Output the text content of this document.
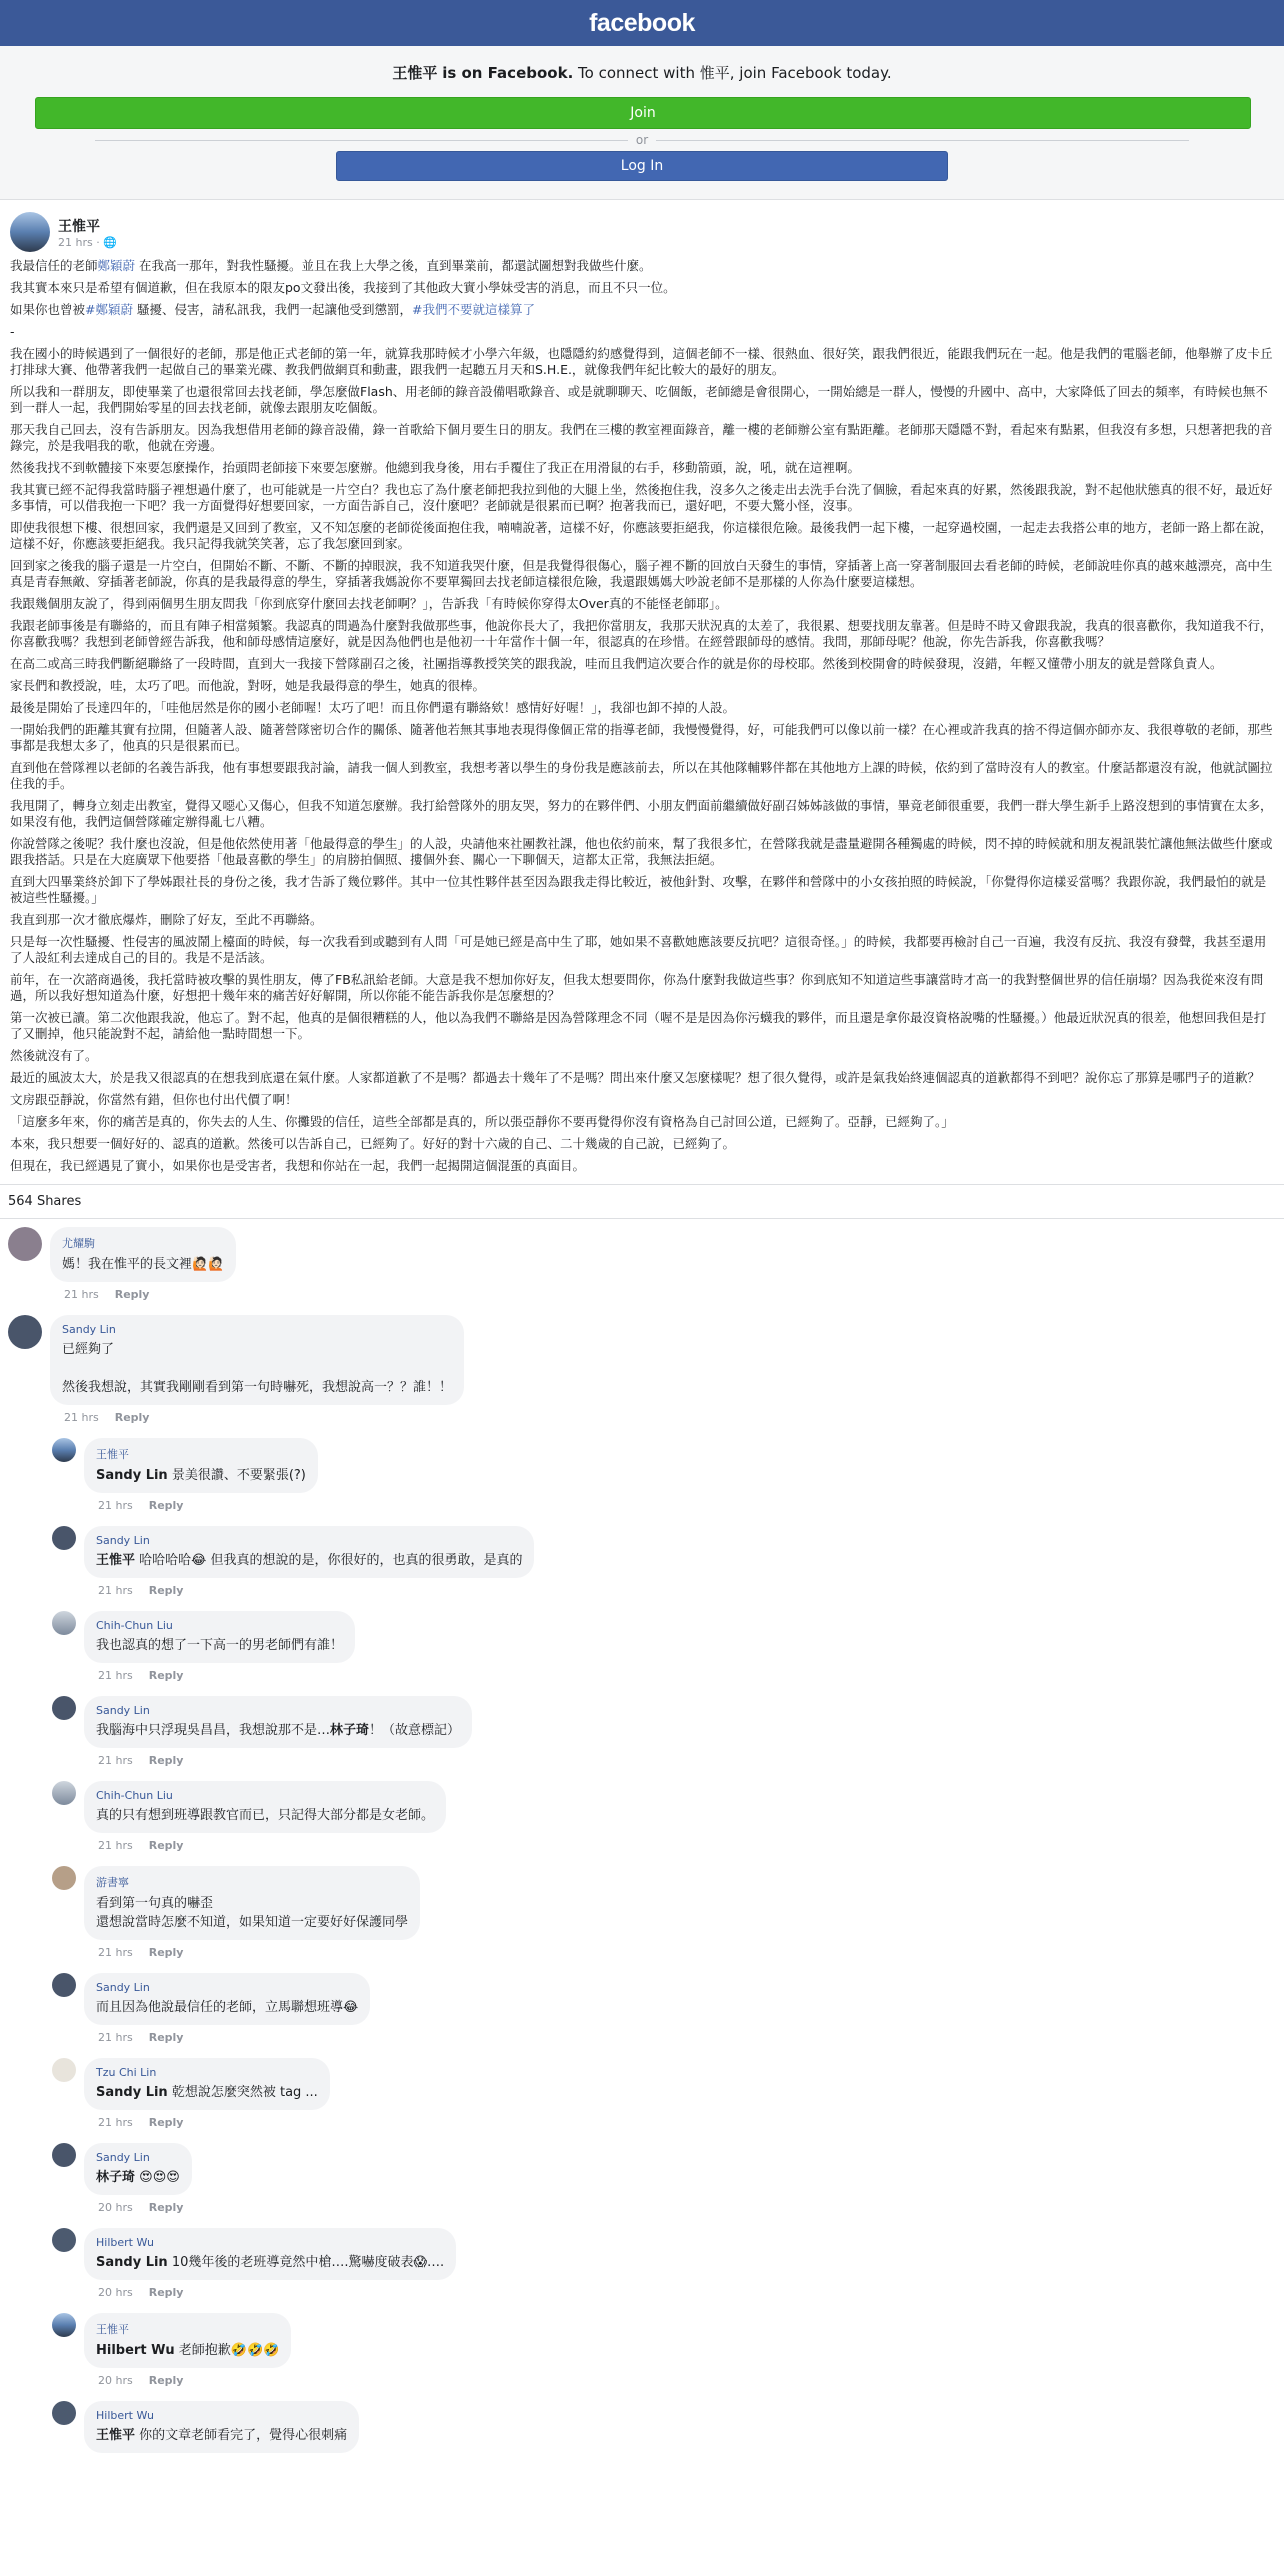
facebook
王惟平 is on Facebook. To connect with 惟平, join Facebook today.
Join
or
Log In
王惟平
21 hrs · 🌐

我最信任的老師鄭穎蔚 在我高一那年，對我性騷擾。並且在我上大學之後，直到畢業前，都還試圖想對我做些什麼。

我其實本來只是希望有個道歉，但在我原本的限友po文發出後，我接到了其他政大實小學妹受害的消息，而且不只一位。

如果你也曾被#鄭穎蔚 騷擾、侵害，請私訊我，我們一起讓他受到懲罰，#我們不要就這樣算了

-

我在國小的時候遇到了一個很好的老師，那是他正式老師的第一年，就算我那時候才小學六年級，也隱隱約約感覺得到，這個老師不一樣、很熱血、很好笑，跟我們很近，能跟我們玩在一起。他是我們的電腦老師，他舉辦了皮卡丘打排球大賽、他帶著我們一起做自己的畢業光碟、教我們做網頁和動畫，跟我們一起聽五月天和S.H.E.，就像我們年紀比較大的最好的朋友。

所以我和一群朋友，即使畢業了也還很常回去找老師，學怎麼做Flash、用老師的錄音設備唱歌錄音、或是就聊聊天、吃個飯，老師總是會很開心，一開始總是一群人，慢慢的升國中、高中，大家降低了回去的頻率，有時候也無不到一群人一起，我們開始零星的回去找老師，就像去跟朋友吃個飯。

那天我自己回去，沒有告訴朋友。因為我想借用老師的錄音設備，錄一首歌給下個月要生日的朋友。我們在三樓的教室裡面錄音，離一樓的老師辦公室有點距離。老師那天隱隱不對，看起來有點累，但我沒有多想，只想著把我的音錄完，於是我唱我的歌，他就在旁邊。

然後我找不到軟體接下來要怎麼操作，抬頭問老師接下來要怎麼辦。他總到我身後，用右手覆住了我正在用滑鼠的右手，移動箭頭，說，吼，就在這裡啊。

我其實已經不記得我當時腦子裡想過什麼了，也可能就是一片空白？我也忘了為什麼老師把我拉到他的大腿上坐，然後抱住我，沒多久之後走出去洗手台洗了個臉，看起來真的好累，然後跟我說，對不起他狀態真的很不好，最近好多事情，可以借我抱一下吧？我一方面覺得好想要回家，一方面告訴自己，沒什麼吧？老師就是很累而已啊？抱著我而已，還好吧，不要大驚小怪，沒事。

即使我很想下樓、很想回家，我們還是又回到了教室，又不知怎麼的老師從後面抱住我，喃喃說著，這樣不好，你應該要拒絕我，你這樣很危險。最後我們一起下樓，一起穿過校園，一起走去我搭公車的地方，老師一路上都在說，這樣不好，你應該要拒絕我。我只記得我就笑笑著，忘了我怎麼回到家。

回到家之後我的腦子還是一片空白，但開始不斷、不斷、不斷的掉眼淚，我不知道我哭什麼，但是我覺得很傷心，腦子裡不斷的回放白天發生的事情，穿插著上高一穿著制服回去看老師的時候，老師說哇你真的越來越漂亮，高中生真是青春無敵、穿插著老師說，你真的是我最得意的學生，穿插著我媽說你不要單獨回去找老師這樣很危險，我還跟媽媽大吵說老師不是那樣的人你為什麼要這樣想。

我跟幾個朋友說了，得到兩個男生朋友問我「你到底穿什麼回去找老師啊？」，告訴我「有時候你穿得太Over真的不能怪老師耶」。

我跟老師事後是有聯絡的，而且有陣子相當頻繁。我認真的問過為什麼對我做那些事，他說你長大了，我把你當朋友，我那天狀況真的太差了，我很累、想要找朋友靠著。但是時不時又會跟我說，我真的很喜歡你，我知道我不行，你喜歡我嗎？我想到老師曾經告訴我，他和師母感情這麼好，就是因為他們也是他初一十年當作十個一年，很認真的在珍惜。在經營跟師母的感情。我問，那師母呢？他說，你先告訴我，你喜歡我嗎？

在高二或高三時我們斷絕聯絡了一段時間，直到大一我接下營隊副召之後，社團指導教授笑笑的跟我說，哇而且我們這次要合作的就是你的母校耶。然後到校開會的時候發現，沒錯，年輕又懂帶小朋友的就是營隊負責人。

家長們和教授說，哇，太巧了吧。而他說，對呀，她是我最得意的學生，她真的很棒。

最後是開始了長達四年的，「哇他居然是你的國小老師喔！太巧了吧！而且你們還有聯絡欸！感情好好喔！」，我卻也卸不掉的人設。

一開始我們的距離其實有拉開，但隨著人設、隨著營隊密切合作的關係、隨著他若無其事地表現得像個正常的指導老師，我慢慢覺得，好，可能我們可以像以前一樣？在心裡或許我真的捨不得這個亦師亦友、我很尊敬的老師，那些事都是我想太多了，他真的只是很累而已。

直到他在營隊裡以老師的名義告訴我，他有事想要跟我討論，請我一個人到教室，我想考著以學生的身份我是應該前去，所以在其他隊輔夥伴都在其他地方上課的時候，依約到了當時沒有人的教室。什麼話都還沒有說，他就試圖拉住我的手。

我甩開了，轉身立刻走出教室，覺得又噁心又傷心，但我不知道怎麼辦。我打給營隊外的朋友哭，努力的在夥伴們、小朋友們面前繼續做好副召姊姊該做的事情，畢竟老師很重要，我們一群大學生新手上路沒想到的事情實在太多，如果沒有他，我們這個營隊確定辦得亂七八糟。

你說營隊之後呢？我什麼也沒說，但是他依然使用著「他最得意的學生」的人設，央請他來社團教社課，他也依約前來，幫了我很多忙，在營隊我就是盡量避開各種獨處的時候，閃不掉的時候就和朋友視訊裝忙讓他無法做些什麼或跟我搭話。只是在大庭廣眾下他要搭「他最喜歡的學生」的肩膀拍個照、摟個外套、關心一下聊個天，這都太正常，我無法拒絕。

直到大四畢業終於卸下了學姊跟社長的身份之後，我才告訴了幾位夥伴。其中一位其性夥伴甚至因為跟我走得比較近，被他針對、攻擊，在夥伴和營隊中的小女孩拍照的時候說，「你覺得你這樣妥當嗎？我跟你說，我們最怕的就是被這些性騷擾。」

我直到那一次才徹底爆炸，刪除了好友，至此不再聯絡。

只是每一次性騷擾、性侵害的風波鬧上檯面的時候，每一次我看到或聽到有人問「可是她已經是高中生了耶，她如果不喜歡她應該要反抗吧？這很奇怪。」的時候，我都要再檢討自己一百遍，我沒有反抗、我沒有發聲，我甚至還用了人設紅利去達成自己的目的。我是不是活該。

前年，在一次諮商過後，我托當時被攻擊的異性朋友，傳了FB私訊給老師。大意是我不想加你好友，但我太想要問你，你為什麼對我做這些事？你到底知不知道這些事讓當時才高一的我對整個世界的信任崩塌？因為我從來沒有問過，所以我好想知道為什麼，好想把十幾年來的痛苦好好解開，所以你能不能告訴我你是怎麼想的？

第一次被已讀。第二次他跟我說，他忘了。對不起，他真的是個很糟糕的人，他以為我們不聯絡是因為營隊理念不同（喔不是是因為你污蠛我的夥伴，而且還是拿你最沒資格說嘴的性騷擾。）他最近狀況真的很差，他想回我但是打了又刪掉，他只能說對不起，請給他一點時間想一下。

然後就沒有了。

最近的風波太大，於是我又很認真的在想我到底還在氣什麼。人家都道歉了不是嗎？都過去十幾年了不是嗎？問出來什麼又怎麼樣呢？想了很久覺得，或許是氣我始終連個認真的道歉都得不到吧？說你忘了那算是哪門子的道歉？

文房跟亞靜說，你當然有錯，但你也付出代價了啊！

「這麼多年來，你的痛苦是真的，你失去的人生、你攤毀的信任，這些全部都是真的，所以張亞靜你不要再覺得你沒有資格為自己討回公道，已經夠了。亞靜，已經夠了。」

本來，我只想要一個好好的、認真的道歉。然後可以告訴自己，已經夠了。好好的對十六歲的自己、二十幾歲的自己說，已經夠了。

但現在，我已經遇見了實小，如果你也是受害者，我想和你站在一起，我們一起揭開這個混蛋的真面目。

564 Shares
尤耀駒
媽！我在惟平的長文裡🙋🏻🙋🏻
21 hrs Reply
Sandy Lin
已經夠了

然後我想說，其實我剛剛看到第一句時嚇死，我想說高一？？誰！！
21 hrs Reply
王惟平
Sandy Lin 景美很讚、不要緊張(?)
21 hrs Reply
Sandy Lin
王惟平 哈哈哈哈😂 但我真的想說的是，你很好的，也真的很勇敢，是真的
21 hrs Reply
Chih-Chun Liu
我也認真的想了一下高一的男老師們有誰！
21 hrs Reply
Sandy Lin
我腦海中只浮現吳昌昌，我想說那不是…林子琦！（故意標記）
21 hrs Reply
Chih-Chun Liu
真的只有想到班導跟教官而已，只記得大部分都是女老師。
21 hrs Reply
游書寧
看到第一句真的嚇歪
還想說當時怎麼不知道，如果知道一定要好好保護同學
21 hrs Reply
Sandy Lin
而且因為他說最信任的老師，立馬聯想班導😂
21 hrs Reply
Tzu Chi Lin
Sandy Lin 乾想說怎麼突然被 tag ...
21 hrs Reply
Sandy Lin
林子琦 😍😍😍
20 hrs Reply
Hilbert Wu
Sandy Lin 10幾年後的老班導竟然中槍….驚嚇度破表😱….
20 hrs Reply
王惟平
Hilbert Wu 老師抱歉🤣🤣🤣
20 hrs Reply
Hilbert Wu
王惟平 你的文章老師看完了，覺得心很刺痛
